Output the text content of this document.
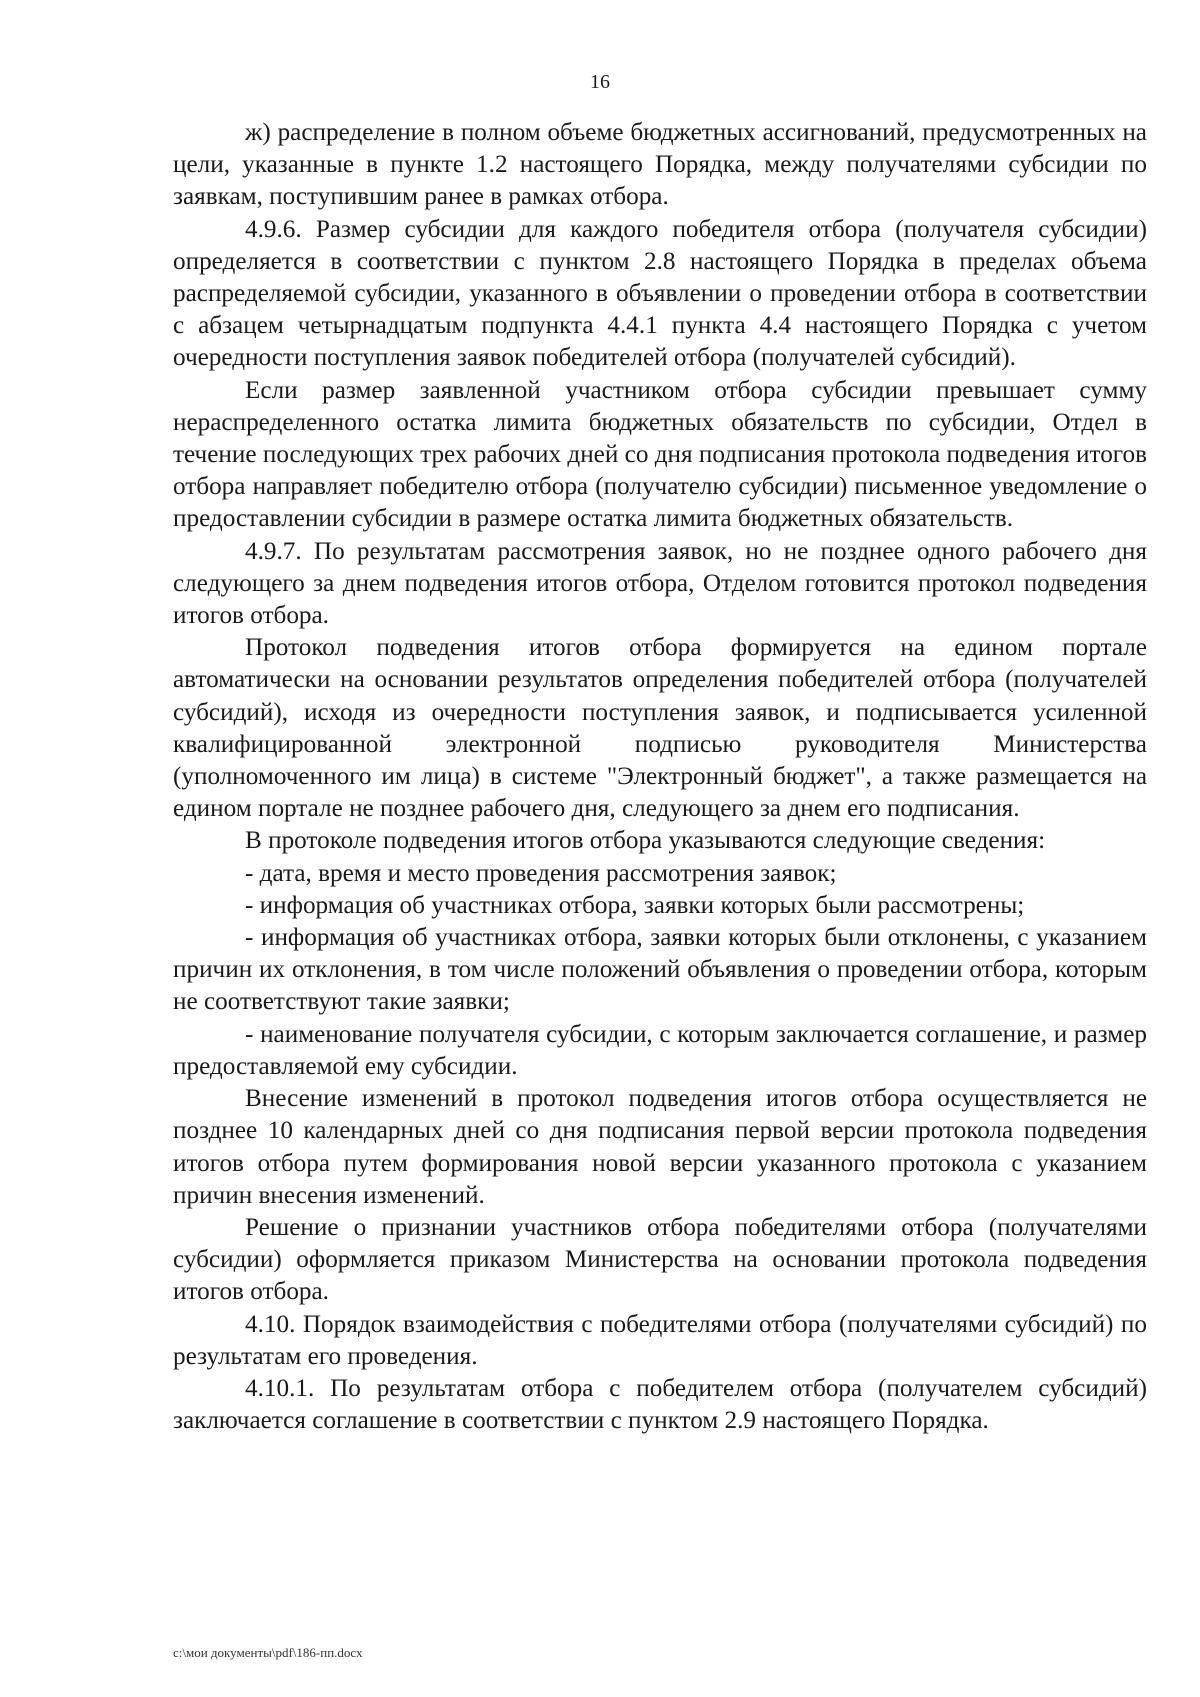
16

ж) распределение в полном объеме бюджетных ассигнований, предусмотренных на цели, указанные в пункте 1.2 настоящего Порядка, между получателями субсидии по заявкам, поступившим ранее в рамках отбора.

4.9.6. Размер субсидии для каждого победителя отбора (получателя субсидии) определяется в соответствии с пунктом 2.8 настоящего Порядка в пределах объема распределяемой субсидии, указанного в объявлении о проведении отбора в соответствии с абзацем четырнадцатым подпункта 4.4.1 пункта 4.4 настоящего Порядка с учетом очередности поступления заявок победителей отбора (получателей субсидий).

Если размер заявленной участником отбора субсидии превышает сумму нераспределенного остатка лимита бюджетных обязательств по субсидии, Отдел в течение последующих трех рабочих дней со дня подписания протокола подведения итогов отбора направляет победителю отбора (получателю субсидии) письменное уведомление о предоставлении субсидии в размере остатка лимита бюджетных обязательств.

4.9.7. По результатам рассмотрения заявок, но не позднее одного рабочего дня следующего за днем подведения итогов отбора, Отделом готовится протокол подведения итогов отбора.

Протокол подведения итогов отбора формируется на едином портале автоматически на основании результатов определения победителей отбора (получателей субсидий), исходя из очередности поступления заявок, и подписывается усиленной квалифицированной электронной подписью руководителя Министерства (уполномоченного им лица) в системе "Электронный бюджет", а также размещается на едином портале не позднее рабочего дня, следующего за днем его подписания.

В протоколе подведения итогов отбора указываются следующие сведения:

- дата, время и место проведения рассмотрения заявок;

- информация об участниках отбора, заявки которых были рассмотрены;

- информация об участниках отбора, заявки которых были отклонены, с указанием причин их отклонения, в том числе положений объявления о проведении отбора, которым не соответствуют такие заявки;

- наименование получателя субсидии, с которым заключается соглашение, и размер предоставляемой ему субсидии.

Внесение изменений в протокол подведения итогов отбора осуществляется не позднее 10 календарных дней со дня подписания первой версии протокола подведения итогов отбора путем формирования новой версии указанного протокола с указанием причин внесения изменений.

Решение о признании участников отбора победителями отбора (получателями субсидии) оформляется приказом Министерства на основании протокола подведения итогов отбора.

4.10. Порядок взаимодействия с победителями отбора (получателями субсидий) по результатам его проведения.

4.10.1. По результатам отбора с победителем отбора (получателем субсидий) заключается соглашение в соответствии с пунктом 2.9 настоящего Порядка.

c:\мои документы\pdf\186-пп.docx
